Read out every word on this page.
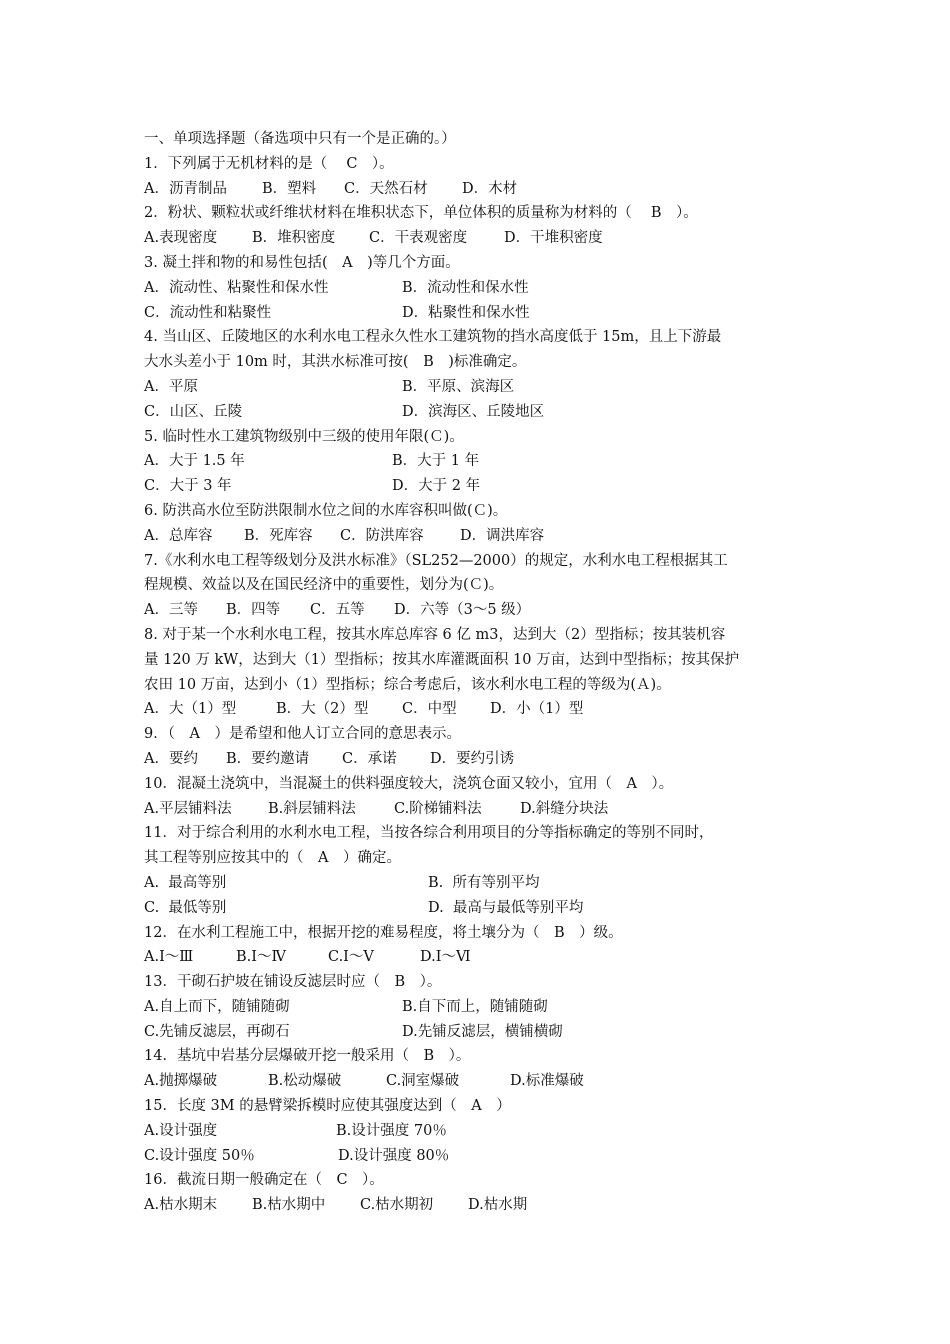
一、单项选择题（备选项中只有一个是正确的。）
1．下列属于无机材料的是（　 C　）。

A．沥青制品

B．塑料

C．天然石材

D．木材

2．粉状、颗粒状或纤维状材料在堆积状态下，单位体积的质量称为材料的（　 B　）。

A.表现密度

B．堆积密度

C．干表观密度

	D．干堆积密度

3. 凝土拌和物的和易性包括(　A　)等几个方面。

A．流动性、粘聚性和保水性

	B．流动性和保水性

C．流动性和粘聚性

	D．粘聚性和保水性

4. 当山区、丘陵地区的水利水电工程永久性水工建筑物的挡水高度低于 15m，且上下游最
大水头差小于 10m 时，其洪水标准可按(　B　)标准确定。

A．平原

	B．平原、滨海区

C．山区、丘陵

	D．滨海区、丘陵地区

5. 临时性水工建筑物级别中三级的使用年限(Ｃ)。

A．大于 1.5 年

	B．大于 1 年

C．大于 3 年

	D．大于 2 年

6. 防洪高水位至防洪限制水位之间的水库容积叫做(Ｃ)。

A．总库容

B．死库容

C．防洪库容

	D．调洪库容

7.《水利水电工程等级划分及洪水标准》（SL252—2000）的规定，水利水电工程根据其工
程规模、效益以及在国民经济中的重要性，划分为(Ｃ)。

A．三等

B．四等

C．五等

D．六等（3～5 级）

8. 对于某一个水利水电工程，按其水库总库容 6 亿 m3，达到大（2）型指标；按其装机容
量 120 万 kW，达到大（1）型指标；按其水库灌溉面积 10 万亩，达到中型指标；按其保护
农田 10 万亩，达到小（1）型指标；综合考虑后，该水利水电工程的等级为(Ａ)。

A．大（1）型

	B．大（2）型

C．中型

D．小（1）型

9．（　A　）是希望和他人订立合同的意思表示。

A．要约

B．要约邀请

C．承诺

D．要约引诱

10．混凝土浇筑中，当混凝土的供料强度较大，浇筑仓面又较小，宜用（　A　）。

A.平层铺料法

	B.斜层铺料法

	C.阶梯铺料法

	D.斜缝分块法

11．对于综合利用的水利水电工程，当按各综合利用项目的分等指标确定的等别不同时，
其工程等别应按其中的（　A　）确定。

A.  最高等别

	B.  所有等别平均

C.  最低等别

	D.  最高与最低等别平均

12．在水利工程施工中，根据开挖的难易程度，将土壤分为（　B　）级。

A.Ⅰ～Ⅲ

	B.Ⅰ～Ⅳ

	C.Ⅰ～Ⅴ

	D.Ⅰ～Ⅵ

13．干砌石护坡在铺设反滤层时应（　B　）。

A.自上而下，随铺随砌

	B.自下而上，随铺随砌

C.先铺反滤层，再砌石

	D.先铺反滤层，横铺横砌

14．基坑中岩基分层爆破开挖一般采用（　B　）。

A.抛掷爆破

	B.松动爆破

	C.洞室爆破

	D.标准爆破

15．长度 3M 的悬臂梁拆模时应使其强度达到（　A　）

A.设计强度

	B.设计强度 70％

C.设计强度 50％

	D.设计强度 80％

16．截流日期一般确定在（　C　）。

A.枯水期末

B.枯水期中

C.枯水期初

D.枯水期
